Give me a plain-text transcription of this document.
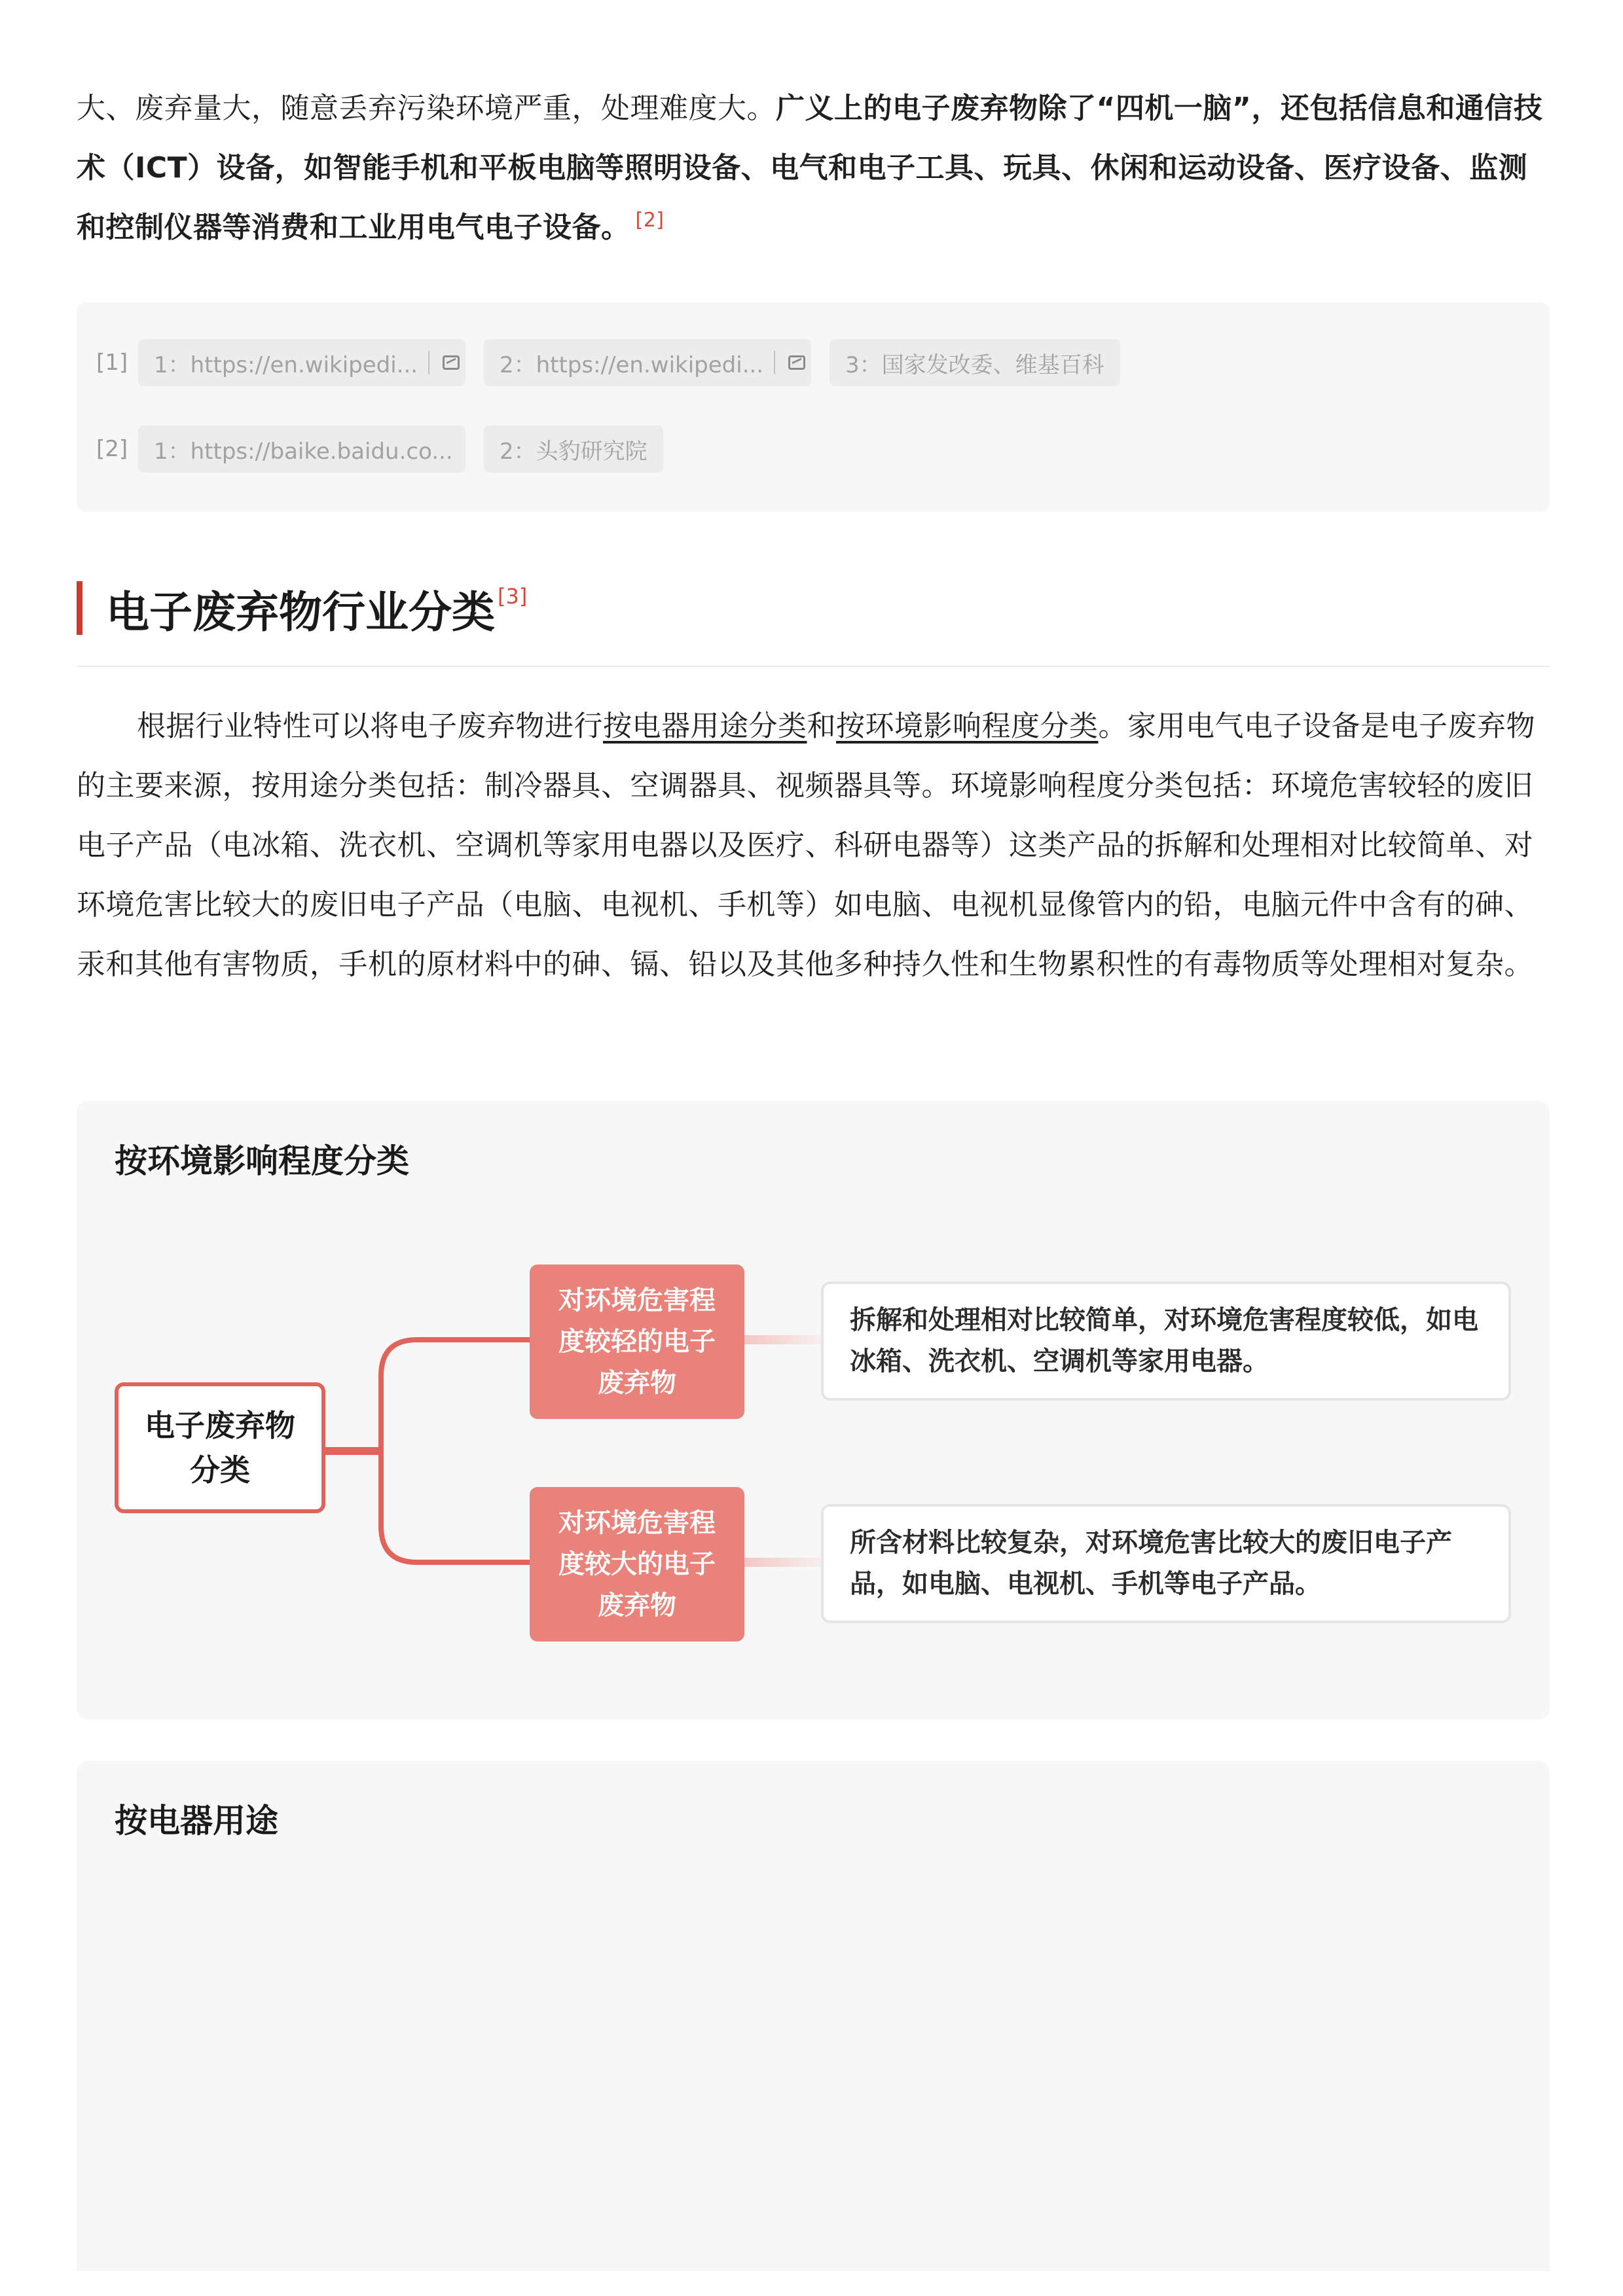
大、废弃量大，随意丢弃污染环境严重，处理难度大。广义上的电子废弃物除了“四机一脑”，还包括信息和通信技术（ICT）设备，如智能手机和平板电脑等照明设备、电气和电子工具、玩具、休闲和运动设备、医疗设备、监测和控制仪器等消费和工业用电气电子设备。 [2]

[1]	1：https://en.wikipedi...	2：https://en.wikipedi...	3：国家发改委、维基百科
[2]	1：https://baike.baidu.co... 2：头豹研究院
电子废弃物行业分类 [3]

根据行业特性可以将电子废弃物进行按电器用途分类和按环境影响程度分类。家用电气电子设备是电子废弃物的主要来源，按用途分类包括：制冷器具、空调器具、视频器具等。环境影响程度分类包括：环境危害较轻的废旧电子产品（电冰箱、洗衣机、空调机等家用电器以及医疗、科研电器等）这类产品的拆解和处理相对比较简单、对环境危害比较大的废旧电子产品（电脑、电视机、手机等）如电脑、电视机显像管内的铅，电脑元件中含有的砷、汞和其他有害物质，手机的原材料中的砷、镉、铅以及其他多种持久性和生物累积性的有毒物质等处理相对复杂。

按环境影响程度分类
电子废弃物分类
对环境危害程度较轻的电子废弃物
对环境危害程度较大的电子废弃物
拆解和处理相对比较简单，对环境危害程度较低，如电冰箱、洗衣机、空调机等家用电器。
所含材料比较复杂，对环境危害比较大的废旧电子产品，如电脑、电视机、手机等电子产品。
按电器用途
